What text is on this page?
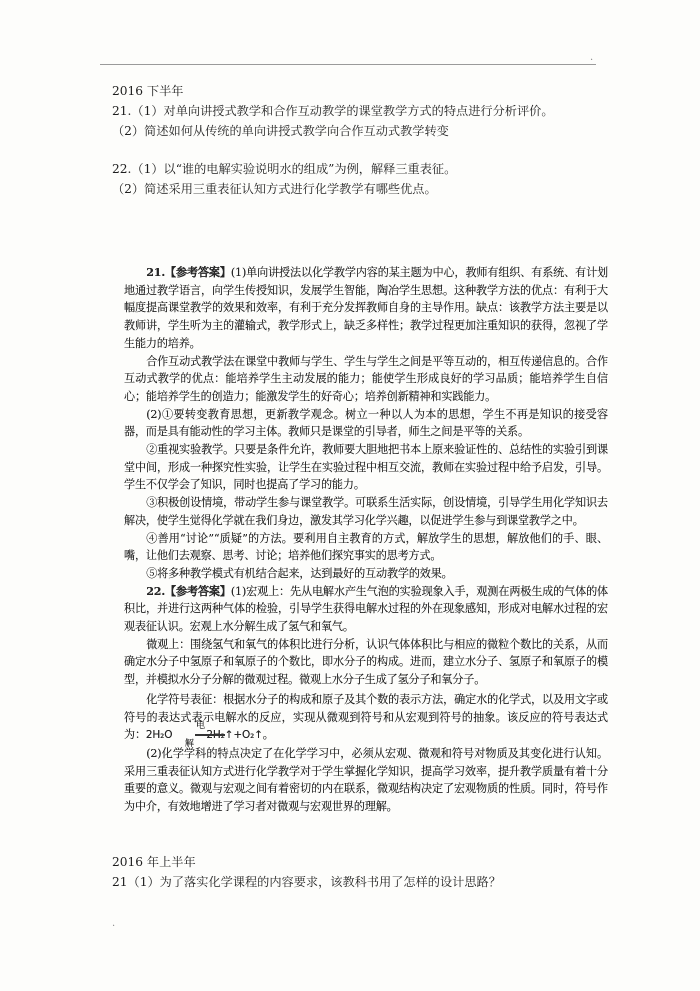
.
2016 下半年
21.（1）对单向讲授式教学和合作互动教学的课堂教学方式的特点进行分析评价。
（2）简述如何从传统的单向讲授式教学向合作互动式教学转变
22.（1）以“谁的电解实验说明水的组成”为例，解释三重表征。
（2）简述采用三重表征认知方式进行化学教学有哪些优点。

21.【参考答案】(1)单向讲授法以化学教学内容的某主题为中心，教师有组织、有系统、有计划地通过教学语言，向学生传授知识，发展学生智能，陶冶学生思想。这种教学方法的优点：有利于大幅度提高课堂教学的效果和效率，有利于充分发挥教师自身的主导作用。缺点：该教学方法主要是以教师讲，学生听为主的灌输式，教学形式上，缺乏多样性；教学过程更加注重知识的获得，忽视了学生能力的培养。

合作互动式教学法在课堂中教师与学生、学生与学生之间是平等互动的，相互传递信息的。合作互动式教学的优点：能培养学生主动发展的能力；能使学生形成良好的学习品质；能培养学生自信心；能培养学生的创造力；能激发学生的好奇心；培养创新精神和实践能力。

(2)①要转变教育思想，更新教学观念。树立一种以人为本的思想，学生不再是知识的接受容器，而是具有能动性的学习主体。教师只是课堂的引导者，师生之间是平等的关系。

②重视实验教学。只要是条件允许，教师要大胆地把书本上原来验证性的、总结性的实验引到课堂中间，形成一种探究性实验，让学生在实验过程中相互交流，教师在实验过程中给予启发，引导。学生不仅学会了知识，同时也提高了学习的能力。

③积极创设情境，带动学生参与课堂教学。可联系生活实际，创设情境，引导学生用化学知识去解决，使学生觉得化学就在我们身边，激发其学习化学兴趣，以促进学生参与到课堂教学之中。

④善用“讨论”“质疑”的方法。要利用自主教育的方式，解放学生的思想，解放他们的手、眼、嘴，让他们去观察、思考、讨论；培养他们探究事实的思考方式。

⑤将多种教学模式有机结合起来，达到最好的互动教学的效果。

22.【参考答案】(1)宏观上：先从电解水产生气泡的实验现象入手，观测在两极生成的气体的体积比，并进行这两种气体的检验，引导学生获得电解水过程的外在现象感知，形成对电解水过程的宏观表征认识。宏观上水分解生成了氢气和氧气。

微观上：围绕氢气和氧气的体积比进行分析，认识气体体积比与相应的微粒个数比的关系，从而确定水分子中氢原子和氧原子的个数比，即水分子的构成。进而，建立水分子、氢原子和氧原子的模型，并模拟水分子分解的微观过程。微观上水分子生成了氢分子和氧分子。

化学符号表征：根据水分子的构成和原子及其个数的表示方法，确定水的化学式，以及用文字或符号的表达式表示电解水的反应，实现从微观到符号和从宏观到符号的抽象。该反应的符号表达式为：2H₂O
电解
2H₂↑+O₂↑。

(2)化学学科的特点决定了在化学学习中，必须从宏观、微观和符号对物质及其变化进行认知。采用三重表征认知方式进行化学教学对于学生掌握化学知识，提高学习效率，提升教学质量有着十分重要的意义。微观与宏观之间有着密切的内在联系，微观结构决定了宏观物质的性质。同时，符号作为中介，有效地增进了学习者对微观与宏观世界的理解。

2016 年上半年
21（1）为了落实化学课程的内容要求，该教科书用了怎样的设计思路？
.
